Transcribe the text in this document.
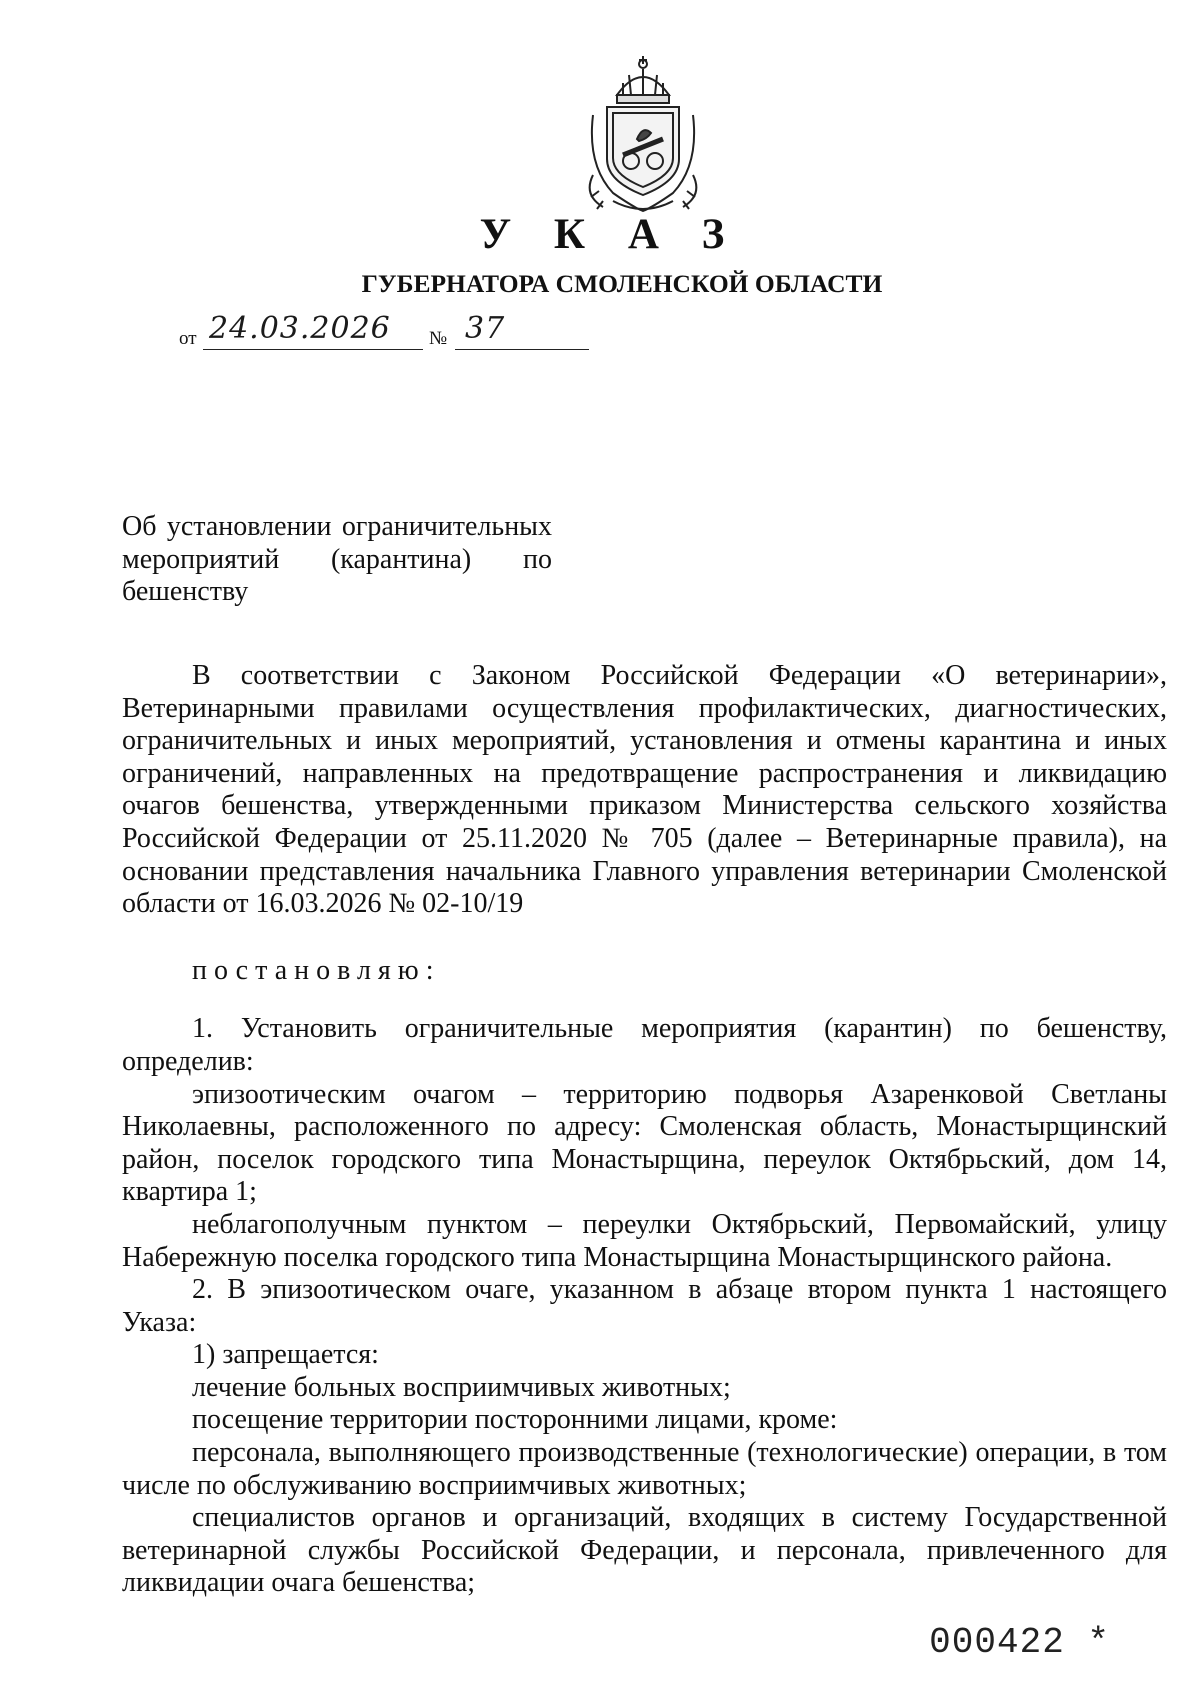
У К А З
ГУБЕРНАТОРА СМОЛЕНСКОЙ ОБЛАСТИ
от 24.03.2026 № 37
Об установлении ограничительных
мероприятий (карантина) по
бешенству

В соответствии с Законом Российской Федерации «О ветеринарии», Ветеринарными правилами осуществления профилактических, диагностических, ограничительных и иных мероприятий, установления и отмены карантина и иных ограничений, направленных на предотвращение распространения и ликвидацию очагов бешенства, утвержденными приказом Министерства сельского хозяйства Российской Федерации от 25.11.2020 № 705 (далее – Ветеринарные правила), на основании представления начальника Главного управления ветеринарии Смоленской области от 16.03.2026 № 02-10/19

постановляю:

1. Установить ограничительные мероприятия (карантин) по бешенству, определив:

эпизоотическим очагом – территорию подворья Азаренковой Светланы Николаевны, расположенного по адресу: Смоленская область, Монастырщинский район, поселок городского типа Монастырщина, переулок Октябрьский, дом 14, квартира 1;

неблагополучным пунктом – переулки Октябрьский, Первомайский, улицу Набережную поселка городского типа Монастырщина Монастырщинского района.

2. В эпизоотическом очаге, указанном в абзаце втором пункта 1 настоящего Указа:

1) запрещается:

лечение больных восприимчивых животных;

посещение территории посторонними лицами, кроме:

персонала, выполняющего производственные (технологические) операции, в том числе по обслуживанию восприимчивых животных;

специалистов органов и организаций, входящих в систему Государственной ветеринарной службы Российской Федерации, и персонала, привлеченного для ликвидации очага бешенства;

000422 *
